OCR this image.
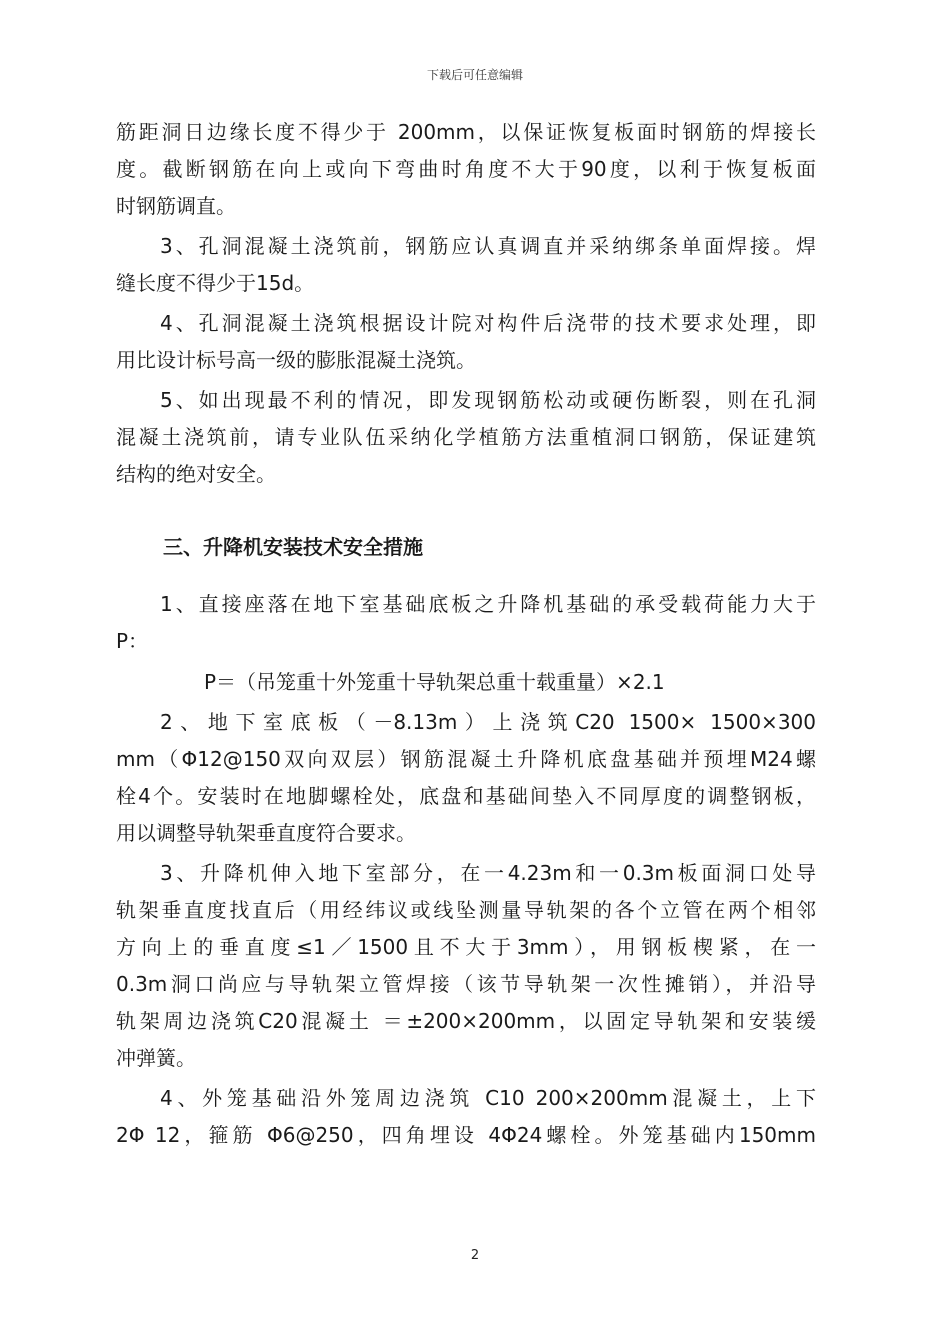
下载后可任意编辑
筋距洞日边缘长度不得少于 200mm，以保证恢复板面时钢筋的焊接长
度。截断钢筋在向上或向下弯曲时角度不大于90度，以利于恢复板面
时钢筋调直。
3、孔洞混凝土浇筑前，钢筋应认真调直并采纳绑条单面焊接。焊
缝长度不得少于15d。
4、孔洞混凝土浇筑根据设计院对构件后浇带的技术要求处理，即
用比设计标号高一级的膨胀混凝土浇筑。
5、如出现最不利的情况，即发现钢筋松动或硬伤断裂，则在孔洞
混凝土浇筑前，请专业队伍采纳化学植筋方法重植洞口钢筋，保证建筑
结构的绝对安全。
三、升降机安装技术安全措施
1、直接座落在地下室基础底板之升降机基础的承受载荷能力大于
P：
P＝（吊笼重十外笼重十导轨架总重十载重量）×2.1
2、地下室底板（－8.13m）上浇筑C20 1500× 1500×300
mm（Φ12@150双向双层）钢筋混凝土升降机底盘基础并预埋M24螺
栓4个。安装时在地脚螺栓处，底盘和基础间垫入不同厚度的调整钢板，
用以调整导轨架垂直度符合要求。
3、升降机伸入地下室部分，在一4.23m和一0.3m板面洞口处导
轨架垂直度找直后（用经纬议或线坠测量导轨架的各个立管在两个相邻
方向上的垂直度≤1／1500且不大于3mm），用钢板楔紧，在一
0.3m洞口尚应与导轨架立管焊接（该节导轨架一次性摊销），并沿导
轨架周边浇筑C20混凝土 ＝±200×200mm，以固定导轨架和安装缓
冲弹簧。
4、外笼基础沿外笼周边浇筑 C10 200×200mm混凝土，上下
2Φ 12，箍筋 Φ6@250，四角埋设 4Φ24螺栓。外笼基础内150mm
2
